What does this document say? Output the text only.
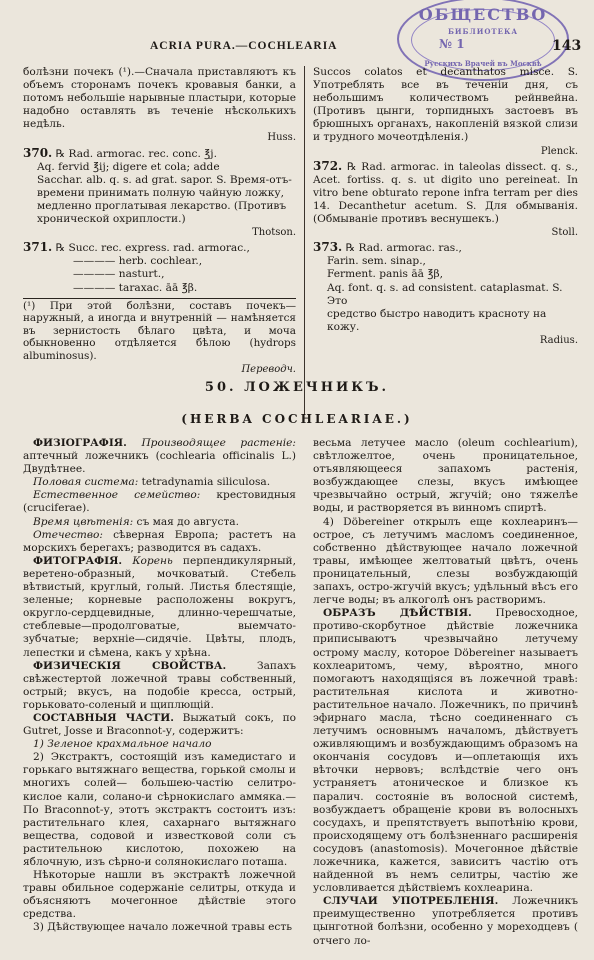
ОБЩЕСТВО
БИБЛИОТЕКА
№ 1
Русскихъ Врачей въ Москвѣ
ACRIA PURA.—COCHLEARIA	143

болѣзни почекъ (¹).—Сначала приставляютъ къ объемъ сторонамъ почекъ кровавыя банки, а потомъ небольшіе нарывные пластыри, которые надобно оставлять въ теченіе нѣсколькихъ недѣль.

Huss.

370. ℞ Rad. armorac. rec. conc. ℥j.
Aq. fervid ℥ij; digere et cola; adde
Sacchar. alb. q. s. ad grat. sapor. S. Время-отъ-
времени принимать полную чайную ложку,
медленно проглатывая лекарство. (Противъ
хронической охриплости.)

Thotson.

371. ℞ Succ. rec. express. rad. armorac.,
———— herb. cochlear.,
———— nasturt.,
———— taraxac. āā ℥β.

(¹) При этой болѣзни, составъ почекъ—наружный, а иногда и внутренній — намѣняется въ зернистость бѣлаго цвѣта, и моча обыкновенно отдѣляется бѣлою (hydrops albuminosus).

Переводч.

Succos colatos et decanthatos misce. S. Употреблять все въ теченіи дня, съ небольшимъ количествомъ рейнвейна. (Противъ цынги, торпидныхъ застоевъ въ брюшныхъ органахъ, накопленій вязкой слизи и трудного мочеотдѣленія.)

Plenck.

372. ℞ Rad. armorac. in taleolas dissect. q. s., Acet. fortiss. q. s. ut digito uno pereineat. In vitro bene obturato repone infra terram per dies 14. Decanthetur acetum. S. Для обмыванія. (Обмываніе противъ веснушекъ.)

Stoll.

373. ℞ Rad. armorac. ras.,
Farin. sem. sinap.,
Ferment. panis āā ℥β,
Aq. font. q. s. ad consistent. cataplasmat. S. Это
средство быстро наводитъ красноту на кожу.

Radius.

50. ЛОЖЕЧНИКЪ.
(HERBA COCHLEARIAE.)

ФИЗІОГРАФІЯ. Производящее растеніе: аптечный ложечникъ (cochlearia officinalis L.) Двудѣтнее.

Половая система: tetradynamia siliculosa.

Естественное семейство: крестовидныя (cruciferae).

Время цвѣтенія: съ мая до августа.

Отечество: сѣверная Европа; растетъ на морскихъ берегахъ; разводится въ садахъ.

ФИТОГРАФІЯ. Корень перпендикулярный, веретено-образный, мочковатый. Стебель вѣтвистый, круглый, голый. Листья блестящіе, зеленые; корневые расположены вокругъ, округло-сердцевидные, длинно-черешчатые, стеблевые—продолговатые, выемчато-зубчатые; верхніе—сидячіе. Цвѣты, плодъ, лепестки и сѣмена, какъ у хрѣна.

ФИЗИЧЕСКІЯ СВОЙСТВА. Запахъ свѣжестертой ложечной травы собственный, острый; вкусъ, на подобіе кресса, острый, горьковато-соленый и щиплющій.

СОСТАВНЫЯ ЧАСТИ. Выжатый сокъ, по Gutret, Josse и Braconnot-у, содержитъ:

1) Зеленое крахмальное начало

2) Экстрактъ, состоящій изъ камедистаго и горькаго вытяжнаго вещества, горькой смолы и многихъ солей— большею-частію селитро-кислое кали, солано-и сѣрнокислаго аммяка.—По Braconnot-у, этотъ экстрактъ состоитъ изъ: растительнаго клея, сахарнаго вытяжнаго вещества, содовой и известковой соли съ растительною кислотою, похожею на яблочную, изъ сѣрно-и солянокислаго поташа.

Нѣкоторые нашли въ экстрактѣ ложечной травы обильное содержаніе селитры, откуда и объясняютъ мочегонное дѣйствіе этого средства.

3) Дѣйствующее начало ложечной травы есть

весьма летучее масло (oleum cochlearium), свѣтложелтое, очень проницательное, отъявляющееся запахомъ растенія, возбуждающее слезы, вкусъ имѣющее чрезвычайно острый, жгучій; оно тяжелѣе воды, и растворяется въ винномъ спиртѣ.

4) Döbereiner открылъ еще кохлеаринъ—острое, съ летучимъ масломъ соединенное, собственно дѣйствующее начало ложечной травы, имѣющее желтоватый цвѣтъ, очень проницательный, слезы возбуждающій запахъ, остро-жгучій вкусъ; удѣльный вѣсъ его легче воды; въ алкоголѣ онъ растворимъ.

ОБРАЗЪ ДѢЙСТВІЯ. Превосходное, противо-скорбутное дѣйствіе ложечника приписываютъ чрезвычайно летучему острому маслу, которое Döbereiner называетъ кохлеаритомъ, чему, вѣроятно, много помогаютъ находящіяся въ ложечной травѣ: растительная кислота и животно-растительное начало. Ложечникъ, по причинѣ эфирнаго масла, тѣсно соединеннаго съ летучимъ основнымъ началомъ, дѣйствуетъ оживляющимъ и возбуждающимъ образомъ на окончанія сосудовъ и—оплетающія ихъ вѣточки нервовъ; вслѣдствіе чего онъ устраняетъ атоническое и близкое къ паралич. состояніе въ волосной системѣ, возбуждаетъ обращеніе крови въ волосныхъ сосудахъ, и препятствуетъ выпотѣнію крови, происходящему отъ болѣзненнаго расширенія сосудовъ (anastomosis). Мочегонное дѣйствіе ложечника, кажется, зависитъ частію отъ найденной въ немъ селитры, частію же условливается дѣйствіемъ кохлеарина.

СЛУЧАИ УПОТРЕБЛЕНІЯ. Ложечникъ преимущественно употребляется противъ цынготной болѣзни, особенно у мореходцевъ ( отчего ло-
